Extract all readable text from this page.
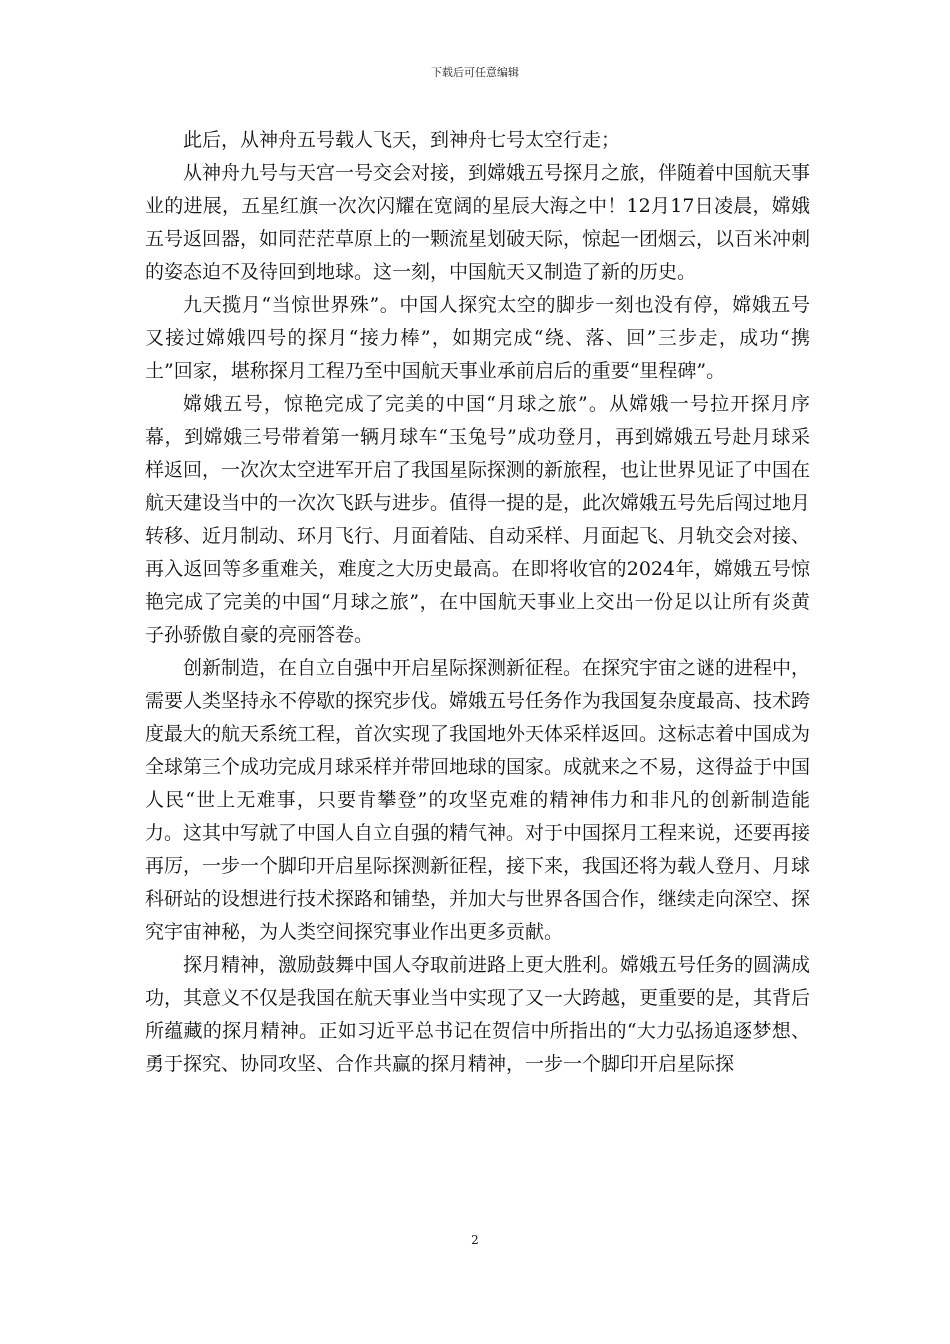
下载后可任意编辑

此后，从神舟五号载人飞天，到神舟七号太空行走；

从神舟九号与天宫一号交会对接，到嫦娥五号探月之旅，伴随着中国航天事业的进展，五星红旗一次次闪耀在宽阔的星辰大海之中！12月17日凌晨，嫦娥五号返回器，如同茫茫草原上的一颗流星划破天际，惊起一团烟云，以百米冲刺的姿态迫不及待回到地球。这一刻，中国航天又制造了新的历史。

九天揽月“当惊世界殊”。中国人探究太空的脚步一刻也没有停，嫦娥五号又接过嫦娥四号的探月“接力棒”，如期完成“绕、落、回”三步走，成功“携土”回家，堪称探月工程乃至中国航天事业承前启后的重要“里程碑”。

嫦娥五号，惊艳完成了完美的中国“月球之旅”。从嫦娥一号拉开探月序幕，到嫦娥三号带着第一辆月球车“玉兔号”成功登月，再到嫦娥五号赴月球采样返回，一次次太空进军开启了我国星际探测的新旅程，也让世界见证了中国在航天建设当中的一次次飞跃与进步。值得一提的是，此次嫦娥五号先后闯过地月转移、近月制动、环月飞行、月面着陆、自动采样、月面起飞、月轨交会对接、再入返回等多重难关，难度之大历史最高。在即将收官的2024年，嫦娥五号惊艳完成了完美的中国“月球之旅”，在中国航天事业上交出一份足以让所有炎黄子孙骄傲自豪的亮丽答卷。

创新制造，在自立自强中开启星际探测新征程。在探究宇宙之谜的进程中，需要人类坚持永不停歇的探究步伐。嫦娥五号任务作为我国复杂度最高、技术跨度最大的航天系统工程，首次实现了我国地外天体采样返回。这标志着中国成为全球第三个成功完成月球采样并带回地球的国家。成就来之不易，这得益于中国人民“世上无难事，只要肯攀登”的攻坚克难的精神伟力和非凡的创新制造能力。这其中写就了中国人自立自强的精气神。对于中国探月工程来说，还要再接再厉，一步一个脚印开启星际探测新征程，接下来，我国还将为载人登月、月球科研站的设想进行技术探路和铺垫，并加大与世界各国合作，继续走向深空、探究宇宙神秘，为人类空间探究事业作出更多贡献。

探月精神，激励鼓舞中国人夺取前进路上更大胜利。嫦娥五号任务的圆满成功，其意义不仅是我国在航天事业当中实现了又一大跨越，更重要的是，其背后所蕴藏的探月精神。正如习近平总书记在贺信中所指出的“大力弘扬追逐梦想、勇于探究、协同攻坚、合作共赢的探月精神，一步一个脚印开启星际探

2
